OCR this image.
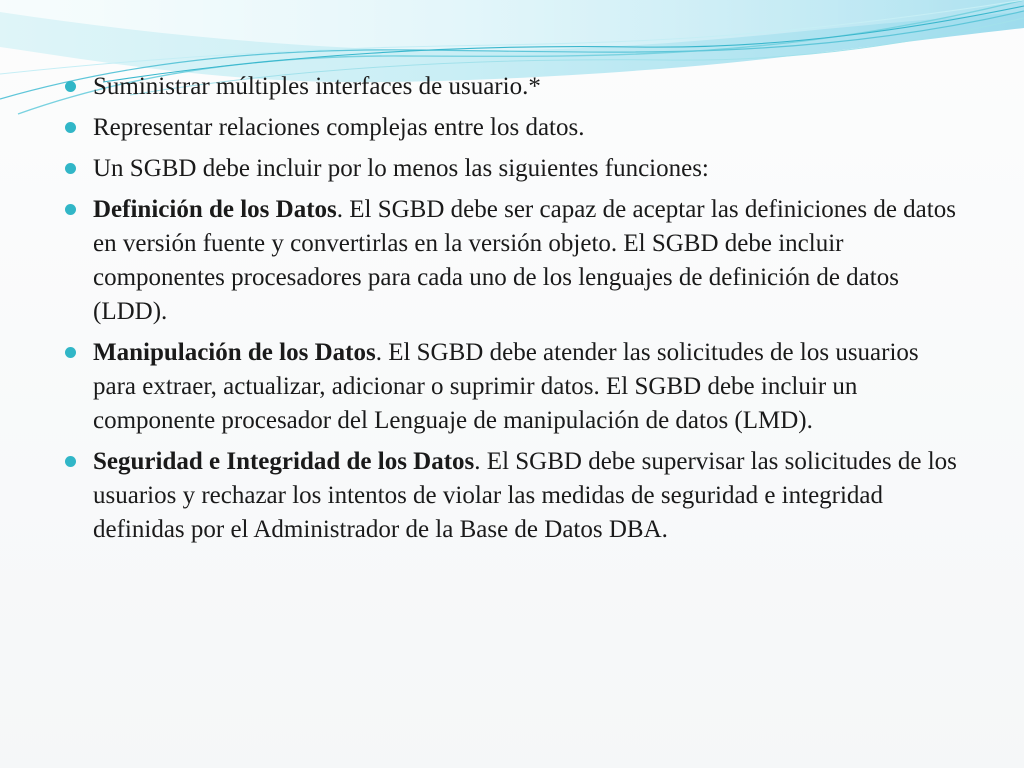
Suministrar múltiples interfaces de usuario.*
Representar relaciones complejas entre los datos.
Un SGBD debe incluir por lo menos las siguientes funciones:
Definición de los Datos. El SGBD debe ser capaz de aceptar las definiciones de datos en versión fuente y convertirlas en la versión objeto. El SGBD debe incluir componentes procesadores para cada uno de los lenguajes de definición de datos (LDD).
Manipulación de los Datos. El SGBD debe atender las solicitudes de los usuarios para extraer, actualizar, adicionar o suprimir datos. El SGBD debe incluir un componente procesador del Lenguaje de manipulación de datos (LMD).
Seguridad e Integridad de los Datos. El SGBD debe supervisar las solicitudes de los usuarios y rechazar los intentos de violar las medidas de seguridad e integridad definidas por el Administrador de la Base de Datos DBA.
